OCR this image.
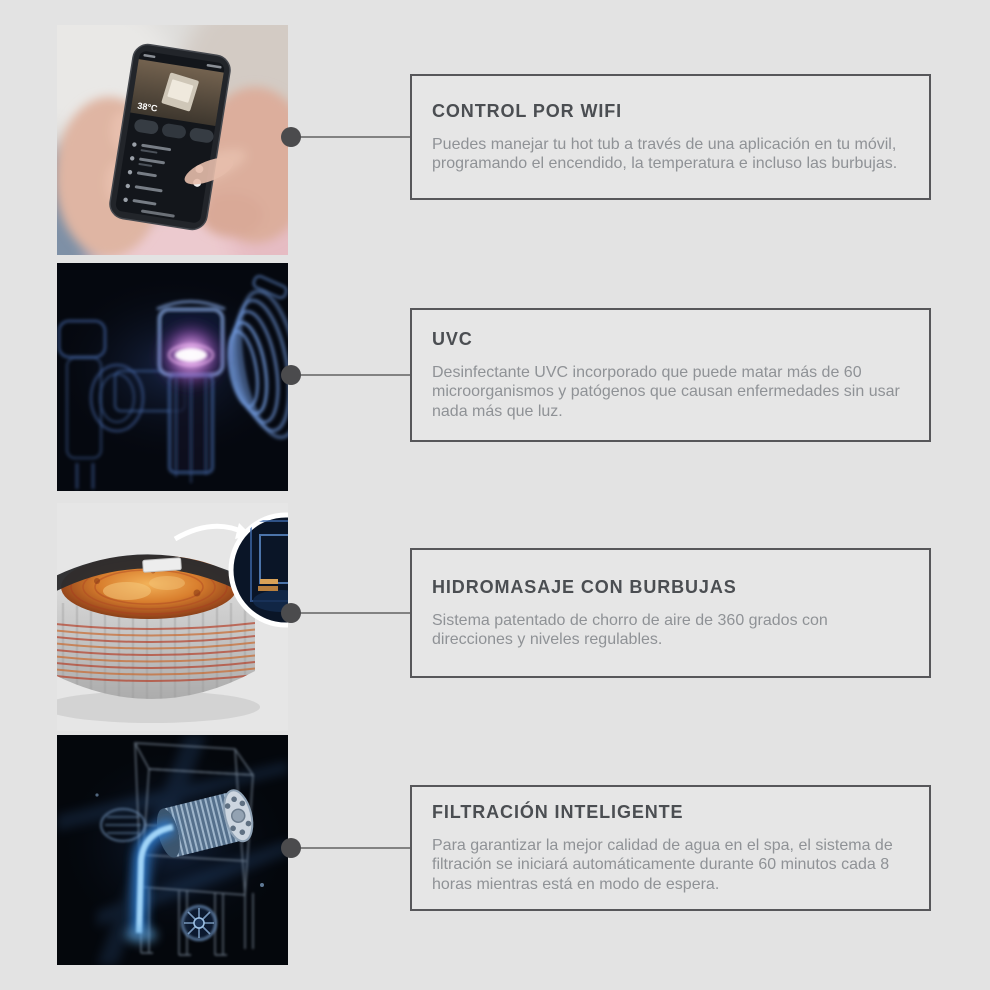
38°C	CONTROL POR WIFI

Puedes manejar tu hot tub a través de una aplicación en tu móvil, programando el encendido, la temperatura e incluso las burbujas.

UVC

Desinfectante UVC incorporado que puede matar más de 60 microorganismos y patógenos que causan enfermedades sin usar nada más que luz.

HIDROMASAJE CON BURBUJAS

Sistema patentado de chorro de aire de 360 grados con direcciones y niveles regulables.

FILTRACIÓN INTELIGENTE

Para garantizar la mejor calidad de agua en el spa, el sistema de filtración se iniciará automáticamente durante 60 minutos cada 8 horas mientras está en modo de espera.
